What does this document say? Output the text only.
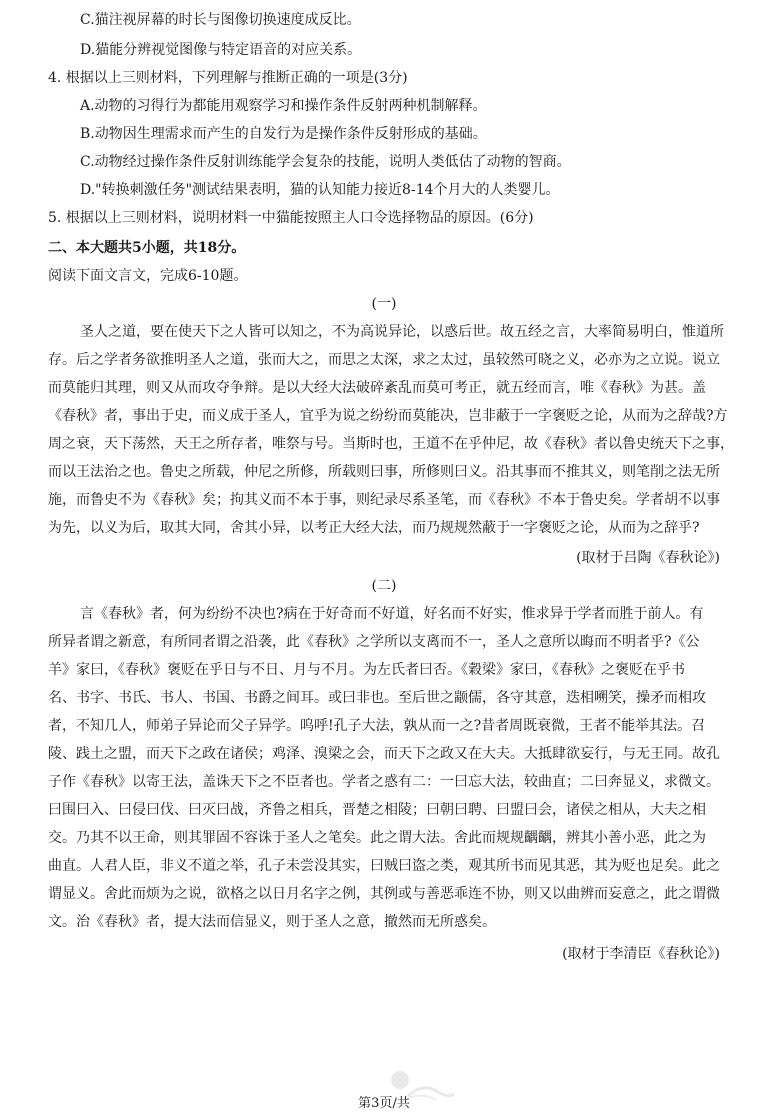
C.猫注视屏幕的时长与图像切换速度成反比。
D.猫能分辨视觉图像与特定语音的对应关系。
4. 根据以上三则材料，下列理解与推断正确的一项是(3分)
A.动物的习得行为都能用观察学习和操作条件反射两种机制解释。
B.动物因生理需求而产生的自发行为是操作条件反射形成的基础。
C.动物经过操作条件反射训练能学会复杂的技能，说明人类低估了动物的智商。
D."转换刺激任务"测试结果表明，猫的认知能力接近8-14个月大的人类婴儿。
5. 根据以上三则材料，说明材料一中猫能按照主人口令选择物品的原因。(6分)
二、本大题共5小题，共18分。
阅读下面文言文，完成6-10题。
(一)
圣人之道，要在使天下之人皆可以知之，不为高说异论，以惑后世。故五经之言，大率简易明白，惟道所
存。后之学者务欲推明圣人之道，张而大之，而思之太深，求之太过，虽较然可晓之义，必亦为之立说。说立
而莫能归其理，则又从而攻夺争辩。是以大经大法破碎紊乱而莫可考正，就五经而言，唯《春秋》为甚。盖
《春秋》者，事出于史，而义成于圣人，宜乎为说之纷纷而莫能决，岂非蔽于一字褒贬之论，从而为之辞哉?方
周之衰，天下荡然，天王之所存者，唯祭与号。当斯时也，王道不在乎仲尼，故《春秋》者以鲁史统天下之事，
而以王法治之也。鲁史之所载，仲尼之所修，所载则曰事，所修则曰义。沿其事而不推其义，则笔削之法无所
施，而鲁史不为《春秋》矣；拘其义而不本于事，则纪录尽系圣笔，而《春秋》不本于鲁史矣。学者胡不以事
为先，以义为后，取其大同，舍其小异，以考正大经大法，而乃规规然蔽于一字褒贬之论，从而为之辞乎?
(取材于吕陶《春秋论》)
(二)
言《春秋》者，何为纷纷不决也?病在于好奇而不好道，好名而不好实，惟求异于学者而胜于前人。有
所异者谓之新意，有所同者谓之沿袭，此《春秋》之学所以支离而不一，圣人之意所以晦而不明者乎?《公
羊》家曰，《春秋》褒贬在乎日与不日、月与不月。为左氏者曰否。《穀梁》家曰，《春秋》之褒贬在乎书
名、书字、书氏、书人、书国、书爵之间耳。或曰非也。至后世之颛儒，各守其意，迭相嗍笑，操矛而相攻
者，不知几人，师弟子异论而父子异学。呜呼!孔子大法，孰从而一之?昔者周既衰微，王者不能举其法。召
陵、践土之盟，而天下之政在诸侯；鸡泽、溴梁之会，而天下之政又在大夫。大抵肆欲妄行，与无王同。故孔
子作《春秋》以寄王法，盖诛天下之不臣者也。学者之惑有二：一曰忘大法，较曲直；二曰奔显义，求微文。
曰围曰入、曰侵曰伐、曰灭曰战，齐鲁之相兵，晋楚之相陵；曰朝曰聘、曰盟曰会，诸侯之相从，大夫之相
交。乃其不以王命，则其罪固不容诛于圣人之笔矣。此之谓大法。舍此而规规齵齵，辨其小善小恶，此之为
曲直。人君人臣，非义不道之举，孔子未尝没其实，曰贼曰盗之类，观其所书而见其恶，其为贬也足矣。此之
谓显义。舍此而烦为之说，欲格之以日月名字之例，其例或与善恶乖连不协，则又以曲辨而妄意之，此之谓微
文。治《春秋》者，提大法而信显义，则于圣人之意，撤然而无所惑矣。
(取材于李清臣《春秋论》)
第3页/共
